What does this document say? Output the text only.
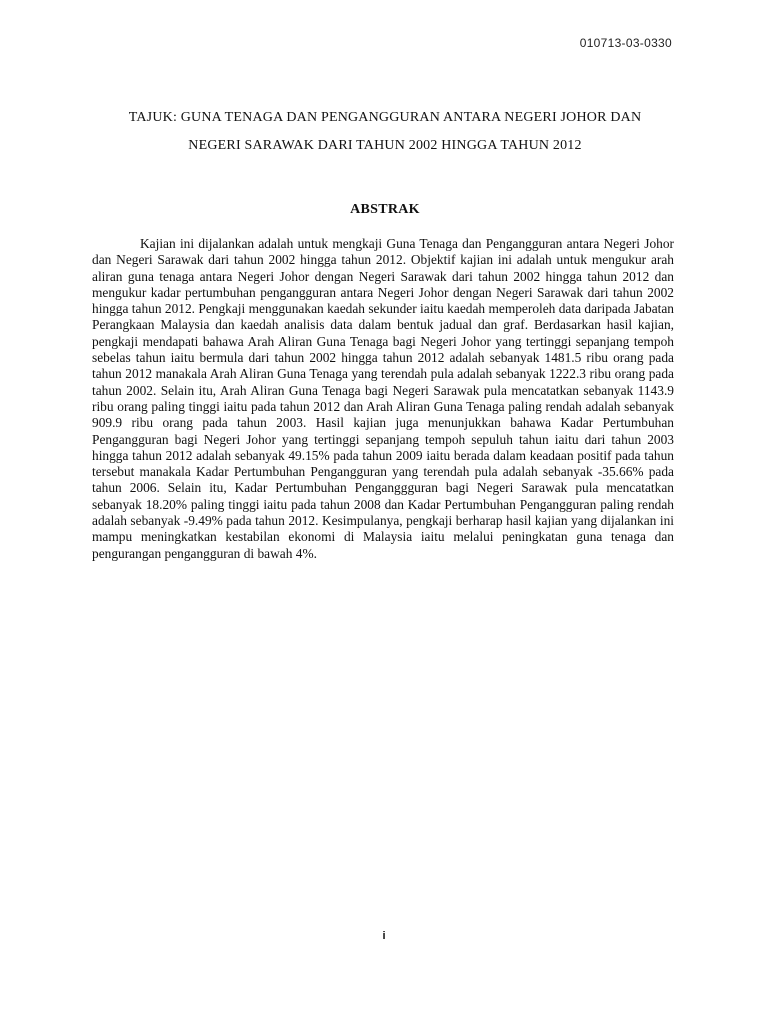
010713-03-0330
TAJUK: GUNA TENAGA DAN PENGANGGURAN ANTARA NEGERI JOHOR DAN
NEGERI SARAWAK DARI TAHUN 2002 HINGGA TAHUN 2012
ABSTRAK

Kajian ini dijalankan adalah untuk mengkaji Guna Tenaga dan Pengangguran antara Negeri Johor dan Negeri Sarawak dari tahun 2002 hingga tahun 2012. Objektif kajian ini adalah untuk mengukur arah aliran guna tenaga antara Negeri Johor dengan Negeri Sarawak dari tahun 2002 hingga tahun 2012 dan mengukur kadar pertumbuhan pengangguran antara Negeri Johor dengan Negeri Sarawak dari tahun 2002 hingga tahun 2012. Pengkaji menggunakan kaedah sekunder iaitu kaedah memperoleh data daripada Jabatan Perangkaan Malaysia dan kaedah analisis data dalam bentuk jadual dan graf. Berdasarkan hasil kajian, pengkaji mendapati bahawa Arah Aliran Guna Tenaga bagi Negeri Johor yang tertinggi sepanjang tempoh sebelas tahun iaitu bermula dari tahun 2002 hingga tahun 2012 adalah sebanyak 1481.5 ribu orang pada tahun 2012 manakala Arah Aliran Guna Tenaga yang terendah pula adalah sebanyak 1222.3 ribu orang pada tahun 2002. Selain itu, Arah Aliran Guna Tenaga bagi Negeri Sarawak pula mencatatkan sebanyak 1143.9 ribu orang paling tinggi iaitu pada tahun 2012 dan Arah Aliran Guna Tenaga paling rendah adalah sebanyak 909.9 ribu orang pada tahun 2003. Hasil kajian juga menunjukkan bahawa Kadar Pertumbuhan Pengangguran bagi Negeri Johor yang tertinggi sepanjang tempoh sepuluh tahun iaitu dari tahun 2003 hingga tahun 2012 adalah sebanyak 49.15% pada tahun 2009 iaitu berada dalam keadaan positif pada tahun tersebut manakala Kadar Pertumbuhan Pengangguran yang terendah pula adalah sebanyak -35.66% pada tahun 2006. Selain itu, Kadar Pertumbuhan Penganggguran bagi Negeri Sarawak pula mencatatkan sebanyak 18.20% paling tinggi iaitu pada tahun 2008 dan Kadar Pertumbuhan Pengangguran paling rendah adalah sebanyak -9.49% pada tahun 2012. Kesimpulanya, pengkaji berharap hasil kajian yang dijalankan ini mampu meningkatkan kestabilan ekonomi di Malaysia iaitu melalui peningkatan guna tenaga dan pengurangan pengangguran di bawah 4%.

i
